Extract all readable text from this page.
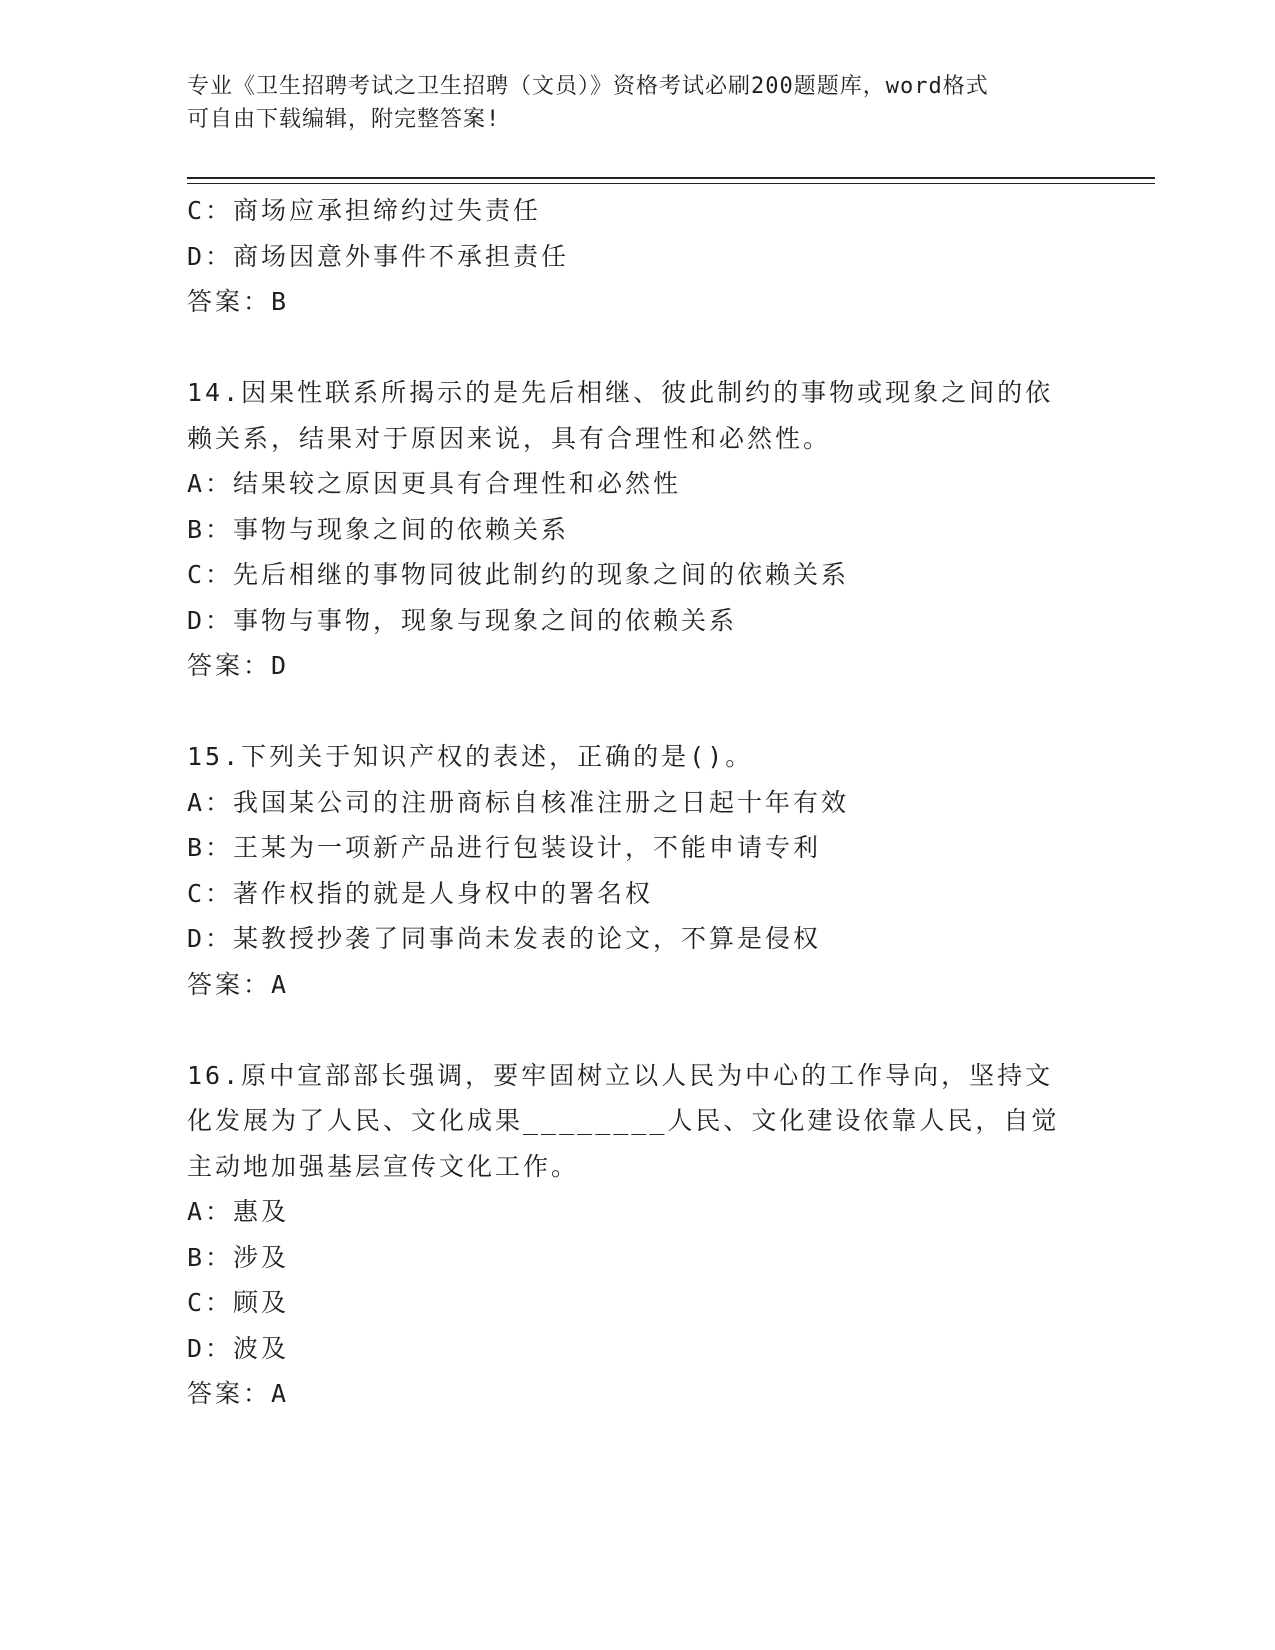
专业《卫生招聘考试之卫生招聘（文员）》资格考试必刷200题题库，word格式
可自由下载编辑，附完整答案!
C：商场应承担缔约过失责任
D：商场因意外事件不承担责任
答案：B
14.因果性联系所揭示的是先后相继、彼此制约的事物或现象之间的依
赖关系，结果对于原因来说，具有合理性和必然性。
A：结果较之原因更具有合理性和必然性
B：事物与现象之间的依赖关系
C：先后相继的事物同彼此制约的现象之间的依赖关系
D：事物与事物，现象与现象之间的依赖关系
答案：D
15.下列关于知识产权的表述，正确的是()。
A：我国某公司的注册商标自核准注册之日起十年有效
B：王某为一项新产品进行包装设计，不能申请专利
C：著作权指的就是人身权中的署名权
D：某教授抄袭了同事尚未发表的论文，不算是侵权
答案：A
16.原中宣部部长强调，要牢固树立以人民为中心的工作导向，坚持文
化发展为了人民、文化成果________人民、文化建设依靠人民，自觉
主动地加强基层宣传文化工作。
A：惠及
B：涉及
C：顾及
D：波及
答案：A
